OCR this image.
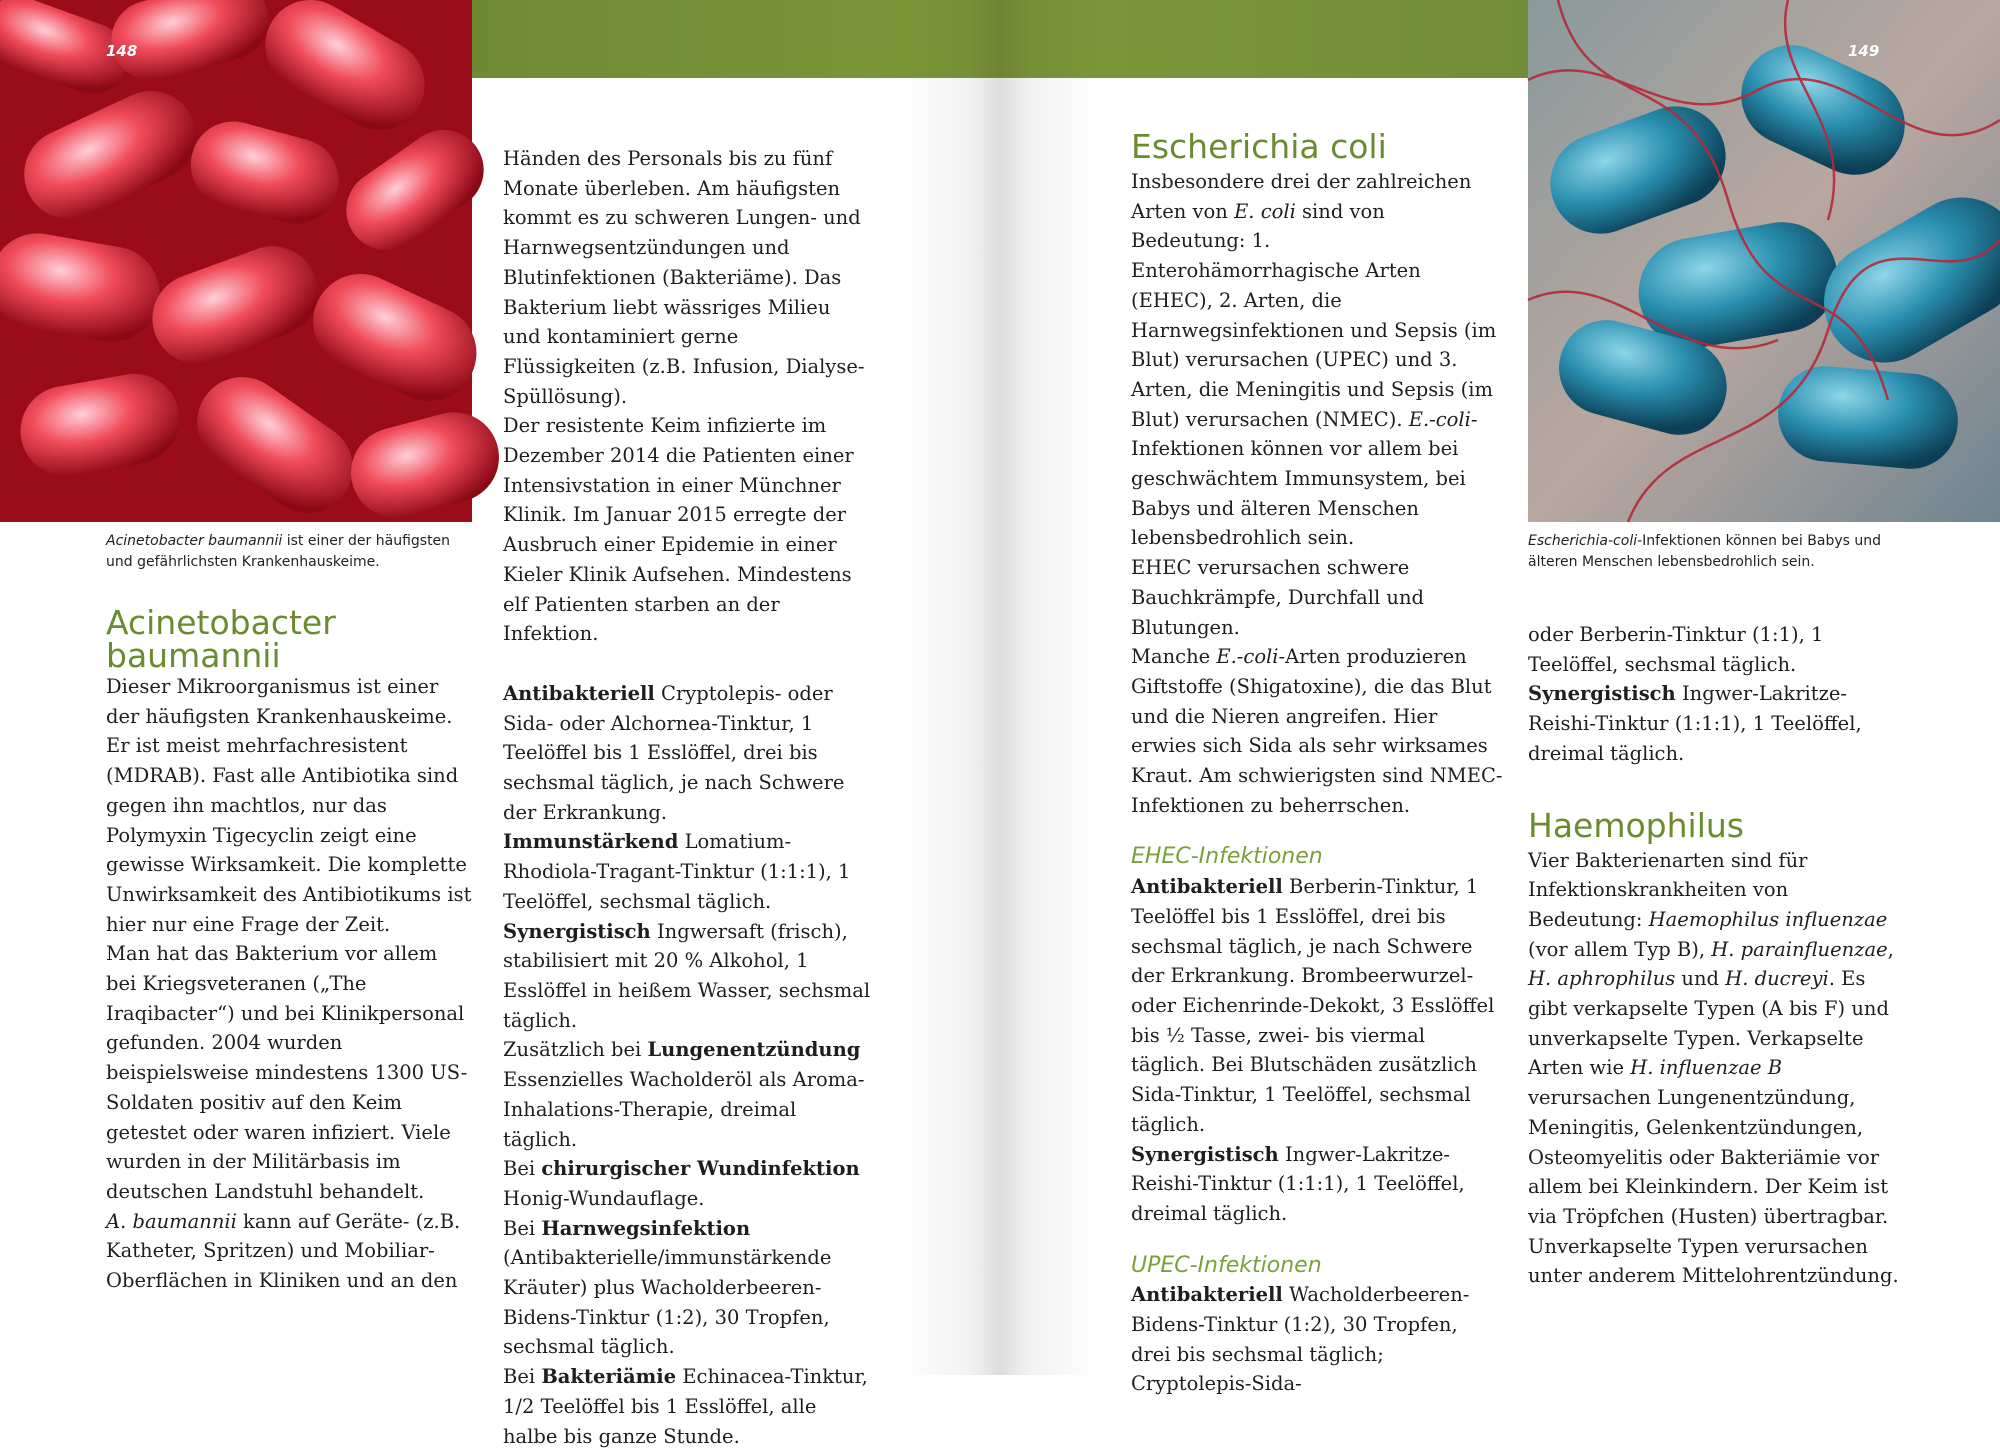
148	149
Acinetobacter baumannii ist einer der häufigsten und gefährlichsten Krankenhauskeime.
Escherichia-coli-Infektionen können bei Babys und älteren Menschen lebensbedrohlich sein.
Acinetobacter
baumannii

Dieser Mikroorganismus ist einer der häufigsten Krankenhauskeime. Er ist meist mehrfachresistent (MDRAB). Fast alle Antibiotika sind gegen ihn machtlos, nur das Polymyxin Tigecyclin zeigt eine gewisse Wirksamkeit. Die komplette Unwirksamkeit des Antibiotikums ist hier nur eine Frage der Zeit.

Man hat das Bakterium vor allem bei Kriegsveteranen („The Iraqibacter“) und bei Klinikpersonal gefunden. 2004 wurden beispielsweise mindestens 1300 US-Soldaten positiv auf den Keim getestet oder waren infiziert. Viele wurden in der Militärbasis im deutschen Landstuhl behandelt.

A. baumannii kann auf Geräte- (z.B. Katheter, Spritzen) und Mobiliar-Oberflächen in Kliniken und an den

Händen des Personals bis zu fünf Monate überleben. Am häufigsten kommt es zu schweren Lungen- und Harnwegsentzündungen und Blutinfektionen (Bakteriäme). Das Bakterium liebt wässriges Milieu und kontaminiert gerne Flüssigkeiten (z.B. Infusion, Dialyse-Spüllösung).

Der resistente Keim infizierte im Dezember 2014 die Patienten einer Intensivstation in einer Münchner Klinik. Im Januar 2015 erregte der Ausbruch einer Epidemie in einer Kieler Klinik Aufsehen. Mindestens elf Patienten starben an der Infektion.

Antibakteriell Cryptolepis- oder Sida- oder Alchornea-Tinktur, 1 Teelöffel bis 1 Esslöffel, drei bis sechsmal täglich, je nach Schwere der Erkrankung.

Immunstärkend Lomatium-Rhodiola-Tragant-Tinktur (1:1:1), 1 Teelöffel, sechsmal täglich.

Synergistisch Ingwersaft (frisch), stabilisiert mit 20 % Alkohol, 1 Esslöffel in heißem Wasser, sechsmal täglich.

Zusätzlich bei Lungenentzündung Essenzielles Wacholderöl als Aroma-Inhalations-Therapie, dreimal täglich.

Bei chirurgischer Wundinfektion Honig-Wundauflage.

Bei Harnwegsinfektion (Antibakterielle/immunstärkende Kräuter) plus Wacholderbeeren-Bidens-Tinktur (1:2), 30 Tropfen, sechsmal täglich.

Bei Bakteriämie Echinacea-Tinktur, 1/2 Teelöffel bis 1 Esslöffel, alle halbe bis ganze Stunde.

Escherichia coli

Insbesondere drei der zahlreichen Arten von E. coli sind von Bedeutung: 1. Enterohämorrhagische Arten (EHEC), 2. Arten, die Harnwegsinfektionen und Sepsis (im Blut) verursachen (UPEC) und 3. Arten, die Meningitis und Sepsis (im Blut) verursachen (NMEC). E.-coli-Infektionen können vor allem bei geschwächtem Immunsystem, bei Babys und älteren Menschen lebensbedrohlich sein.

EHEC verursachen schwere Bauchkrämpfe, Durchfall und Blutungen.

Manche E.-coli-Arten produzieren Giftstoffe (Shigatoxine), die das Blut und die Nieren angreifen. Hier erwies sich Sida als sehr wirksames Kraut. Am schwierigsten sind NMEC-Infektionen zu beherrschen.

EHEC-Infektionen

Antibakteriell Berberin-Tinktur, 1 Teelöffel bis 1 Esslöffel, drei bis sechsmal täglich, je nach Schwere der Erkrankung. Brombeerwurzel- oder Eichenrinde-Dekokt, 3 Esslöffel bis ½ Tasse, zwei- bis viermal täglich. Bei Blutschäden zusätzlich Sida-Tinktur, 1 Teelöffel, sechsmal täglich.

Synergistisch Ingwer-Lakritze-Reishi-Tinktur (1:1:1), 1 Teelöffel, dreimal täglich.

UPEC-Infektionen

Antibakteriell Wacholderbeeren-Bidens-Tinktur (1:2), 30 Tropfen, drei bis sechsmal täglich; Cryptolepis-Sida-

oder Berberin-Tinktur (1:1), 1 Teelöffel, sechsmal täglich.

Synergistisch Ingwer-Lakritze-Reishi-Tinktur (1:1:1), 1 Teelöffel, dreimal täglich.

Haemophilus

Vier Bakterienarten sind für Infektionskrankheiten von Bedeutung: Haemophilus influenzae (vor allem Typ B), H. parainfluenzae, H. aphrophilus und H. ducreyi. Es gibt verkapselte Typen (A bis F) und unverkapselte Typen. Verkapselte Arten wie H. influenzae B verursachen Lungenentzündung, Meningitis, Gelenkentzündungen, Osteomyelitis oder Bakteriämie vor allem bei Kleinkindern. Der Keim ist via Tröpfchen (Husten) übertragbar.

Unverkapselte Typen verursachen unter anderem Mittelohrentzündung.
